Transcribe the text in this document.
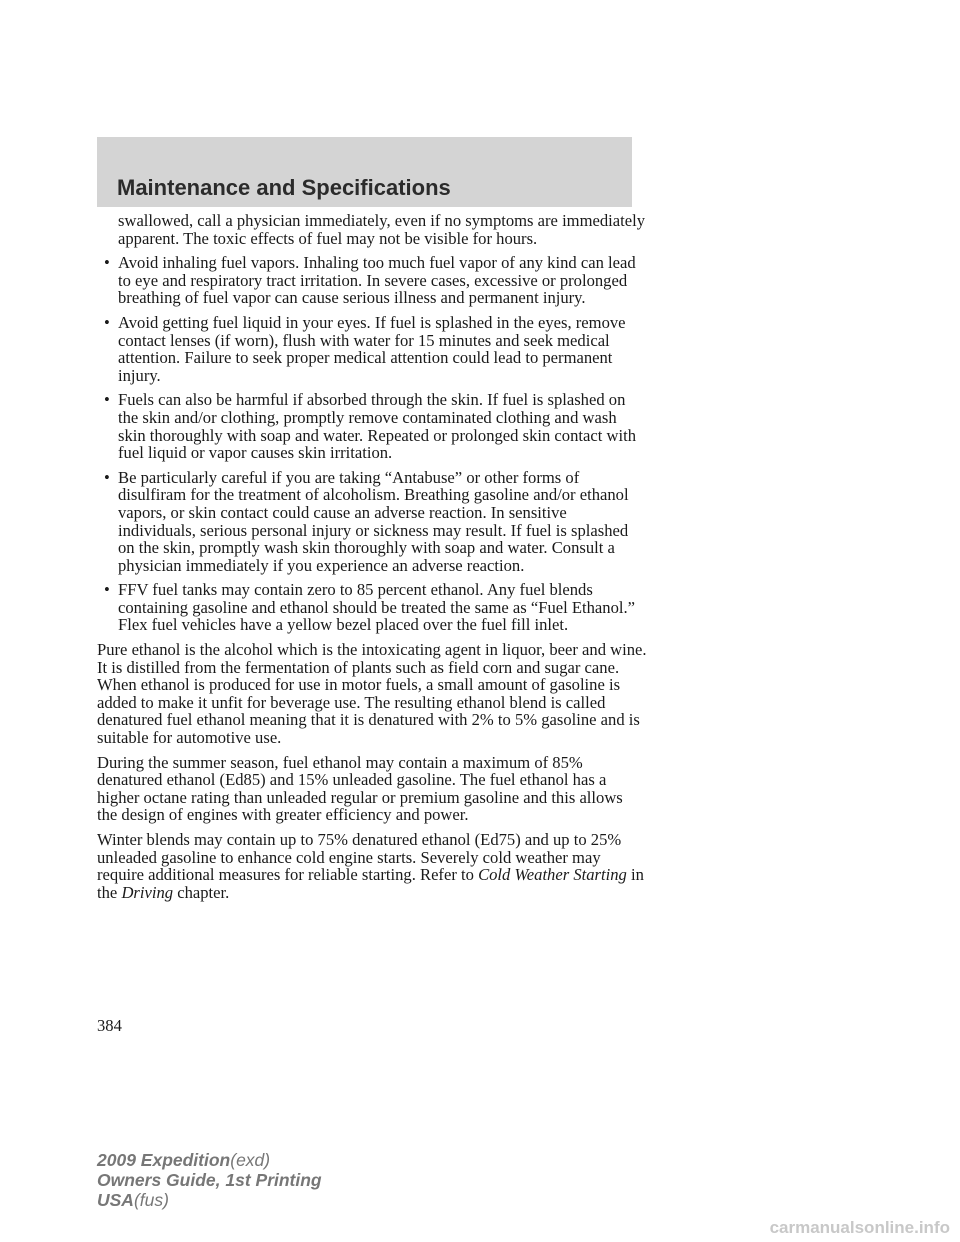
Maintenance and Specifications

swallowed, call a physician immediately, even if no symptoms are immediately apparent. The toxic effects of fuel may not be visible for hours.

• Avoid inhaling fuel vapors. Inhaling too much fuel vapor of any kind can lead to eye and respiratory tract irritation. In severe cases, excessive or prolonged breathing of fuel vapor can cause serious illness and permanent injury.
• Avoid getting fuel liquid in your eyes. If fuel is splashed in the eyes, remove contact lenses (if worn), flush with water for 15 minutes and seek medical attention. Failure to seek proper medical attention could lead to permanent injury.
• Fuels can also be harmful if absorbed through the skin. If fuel is splashed on the skin and/or clothing, promptly remove contaminated clothing and wash skin thoroughly with soap and water. Repeated or prolonged skin contact with fuel liquid or vapor causes skin irritation.
• Be particularly careful if you are taking “Antabuse” or other forms of disulfiram for the treatment of alcoholism. Breathing gasoline and/or ethanol vapors, or skin contact could cause an adverse reaction. In sensitive individuals, serious personal injury or sickness may result. If fuel is splashed on the skin, promptly wash skin thoroughly with soap and water. Consult a physician immediately if you experience an adverse reaction.
• FFV fuel tanks may contain zero to 85 percent ethanol. Any fuel blends containing gasoline and ethanol should be treated the same as “Fuel Ethanol.” Flex fuel vehicles have a yellow bezel placed over the fuel fill inlet.

Pure ethanol is the alcohol which is the intoxicating agent in liquor, beer and wine. It is distilled from the fermentation of plants such as field corn and sugar cane. When ethanol is produced for use in motor fuels, a small amount of gasoline is added to make it unfit for beverage use. The resulting ethanol blend is called denatured fuel ethanol meaning that it is denatured with 2% to 5% gasoline and is suitable for automotive use.

During the summer season, fuel ethanol may contain a maximum of 85% denatured ethanol (Ed85) and 15% unleaded gasoline. The fuel ethanol has a higher octane rating than unleaded regular or premium gasoline and this allows the design of engines with greater efficiency and power.

Winter blends may contain up to 75% denatured ethanol (Ed75) and up to 25% unleaded gasoline to enhance cold engine starts. Severely cold weather may require additional measures for reliable starting. Refer to Cold Weather Starting in the Driving chapter.

384
2009 Expedition(exd)
Owners Guide, 1st Printing
USA(fus)
carmanualsonline.info
